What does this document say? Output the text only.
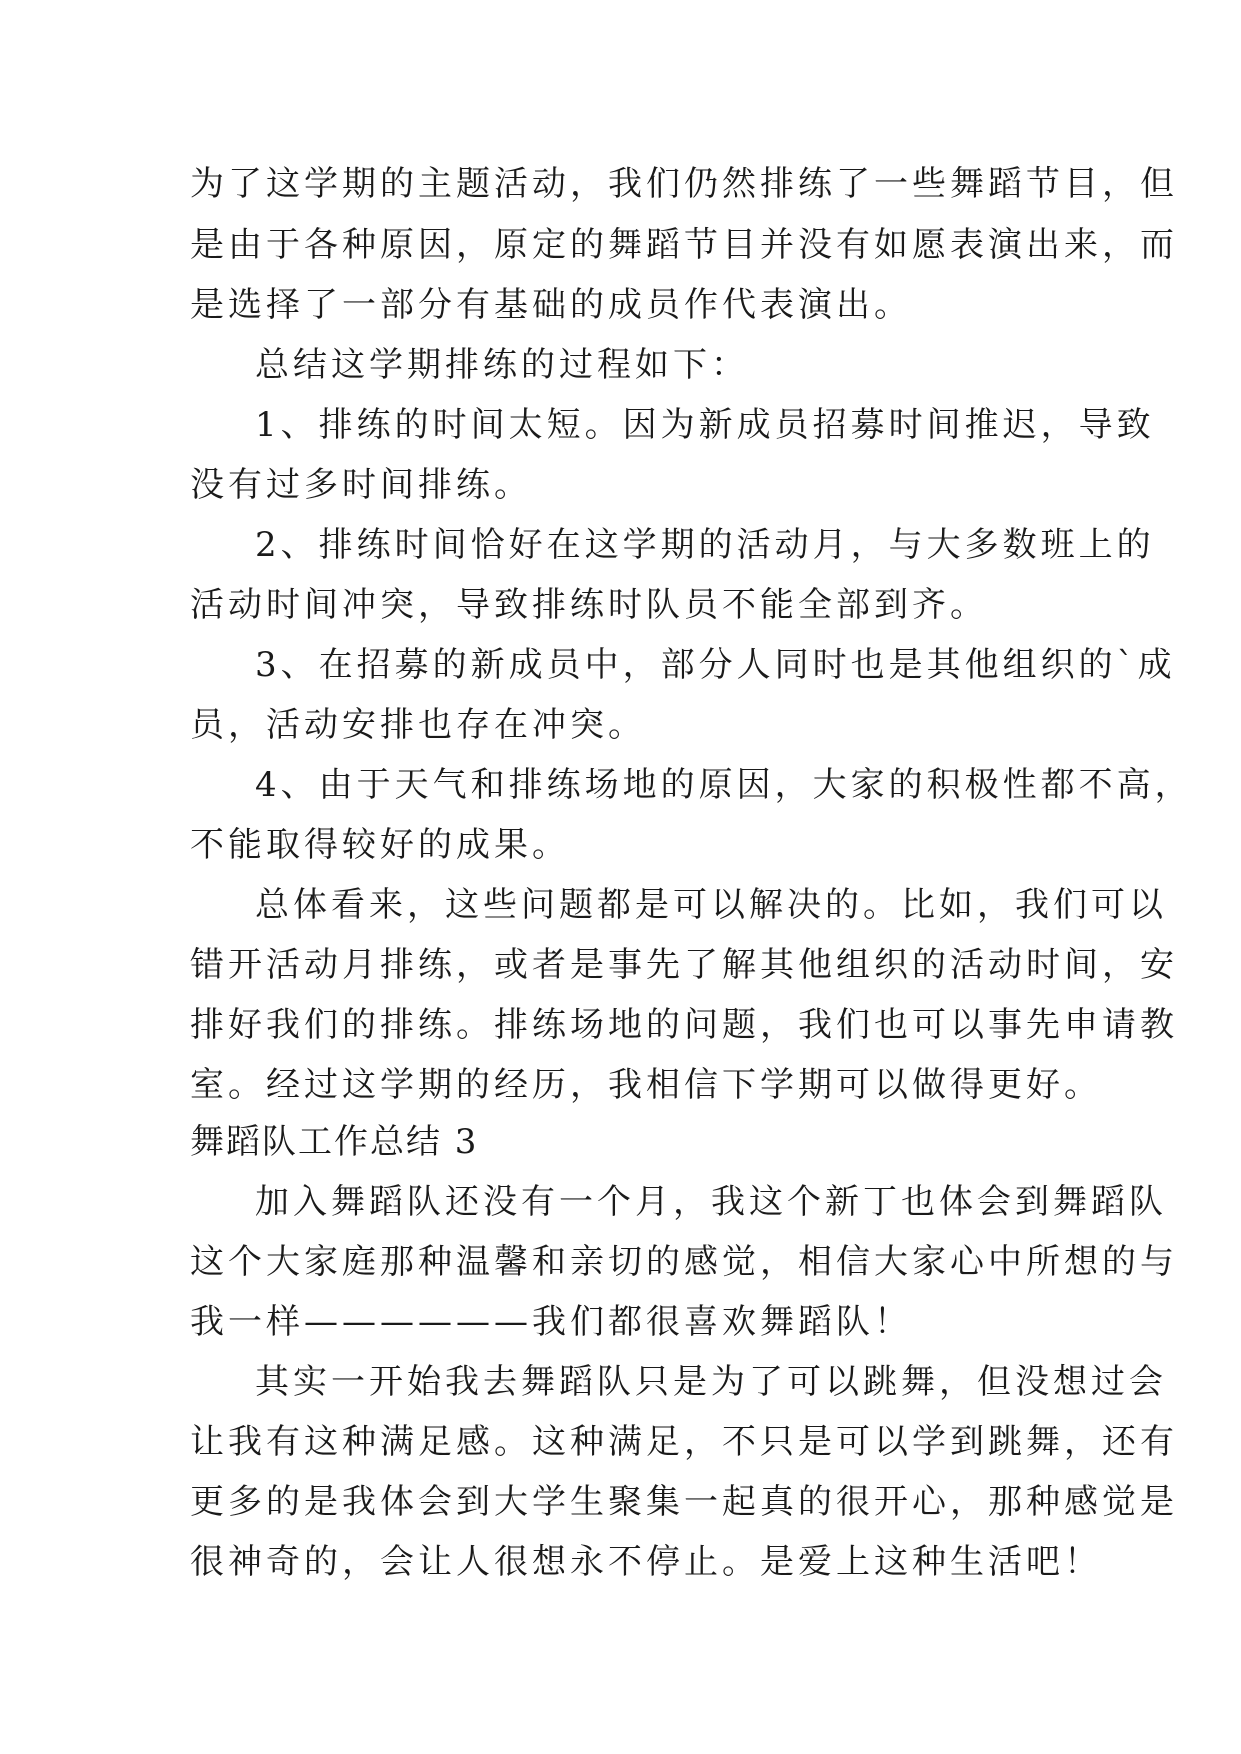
为了这学期的主题活动，我们仍然排练了一些舞蹈节目，但

是由于各种原因，原定的舞蹈节目并没有如愿表演出来，而

是选择了一部分有基础的成员作代表演出。

总结这学期排练的过程如下：

1、排练的时间太短。因为新成员招募时间推迟，导致

没有过多时间排练。

2、排练时间恰好在这学期的活动月，与大多数班上的

活动时间冲突，导致排练时队员不能全部到齐。

3、在招募的新成员中，部分人同时也是其他组织的`成

员，活动安排也存在冲突。

4、由于天气和排练场地的原因，大家的积极性都不高，

不能取得较好的成果。

总体看来，这些问题都是可以解决的。比如，我们可以

错开活动月排练，或者是事先了解其他组织的活动时间，安

排好我们的排练。排练场地的问题，我们也可以事先申请教

室。经过这学期的经历，我相信下学期可以做得更好。

舞蹈队工作总结 3

加入舞蹈队还没有一个月，我这个新丁也体会到舞蹈队

这个大家庭那种温馨和亲切的感觉，相信大家心中所想的与

我一样——————我们都很喜欢舞蹈队！

其实一开始我去舞蹈队只是为了可以跳舞，但没想过会

让我有这种满足感。这种满足，不只是可以学到跳舞，还有

更多的是我体会到大学生聚集一起真的很开心，那种感觉是

很神奇的，会让人很想永不停止。是爱上这种生活吧！
